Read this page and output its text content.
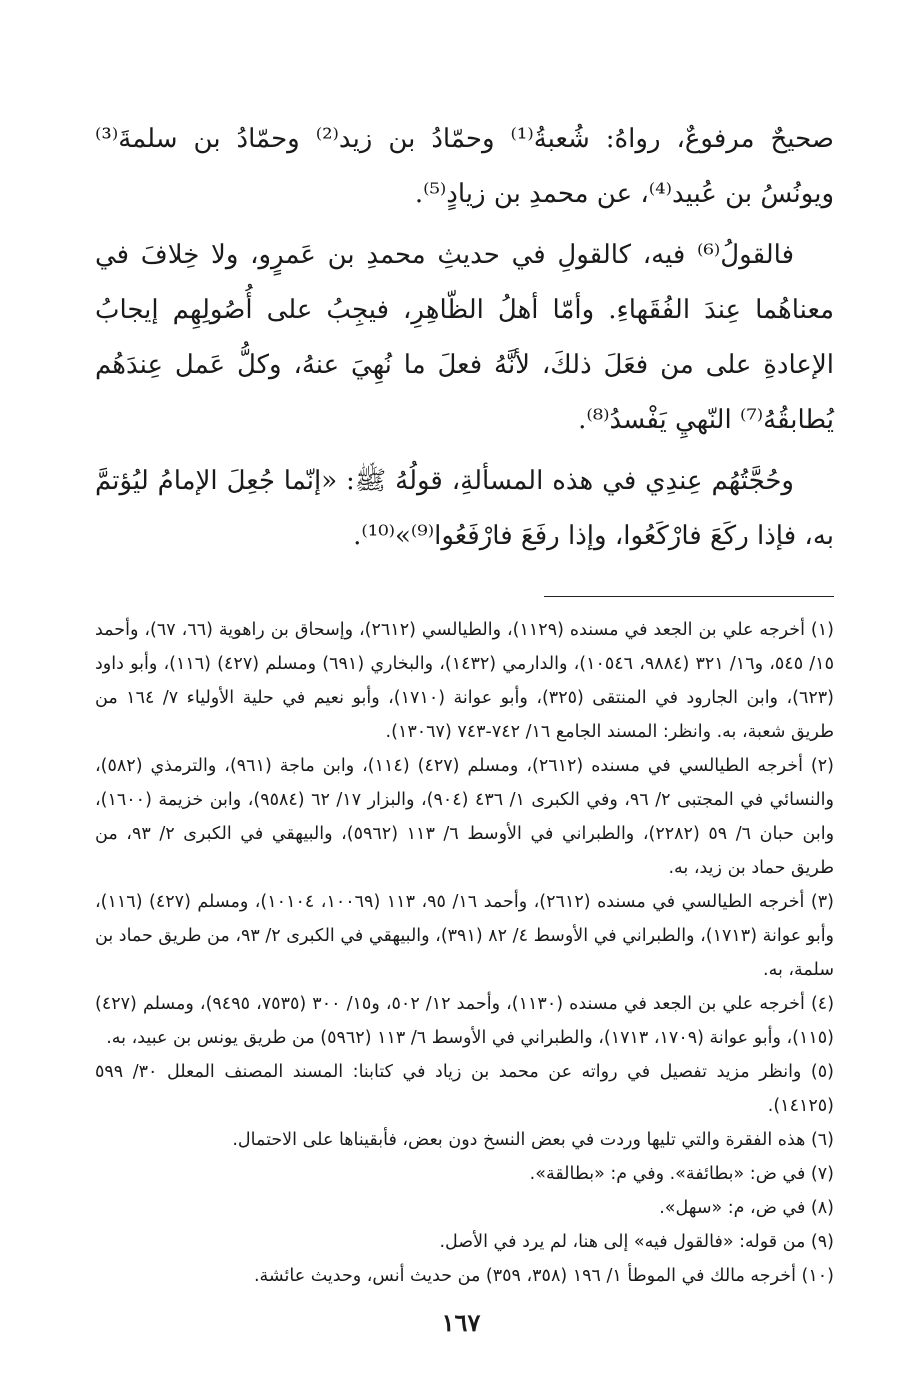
صحيحٌ مرفوعٌ، رواهُ: شُعبةُ⁽¹⁾ وحمّادُ بن زيد⁽²⁾ وحمّادُ بن سلمةَ⁽³⁾ ويونُسُ بن عُبيد⁽⁴⁾، عن محمدِ بن زيادٍ⁽⁵⁾.

فالقولُ⁽⁶⁾ فيه، كالقولِ في حديثِ محمدِ بن عَمرٍو، ولا خِلافَ في معناهُما عِندَ الفُقَهاءِ. وأمّا أهلُ الظّاهِرِ، فيجِبُ على أُصُولِهِم إيجابُ الإعادةِ على من فعَلَ ذلكَ، لأنَّهُ فعلَ ما نُهِيَ عنهُ، وكلُّ عَمل عِندَهُم يُطابقُهُ⁽⁷⁾ النّهيِ يَفْسدُ⁽⁸⁾.

وحُجَّتُهُم عِندِي في هذه المسألةِ، قولُهُ ﷺ: «إنّما جُعِلَ الإمامُ ليُؤتمَّ به، فإذا ركَعَ فارْكَعُوا، وإذا رفَعَ فارْفَعُوا⁽⁹⁾»⁽¹⁰⁾.

(١) أخرجه علي بن الجعد في مسنده (١١٢٩)، والطيالسي (٢٦١٢)، وإسحاق بن راهوية (٦٦، ٦٧)، وأحمد ١٥/ ٥٤٥، و١٦/ ٣٢١ (٩٨٨٤، ١٠٥٤٦)، والدارمي (١٤٣٢)، والبخاري (٦٩١) ومسلم (٤٢٧) (١١٦)، وأبو داود (٦٢٣)، وابن الجارود في المنتقى (٣٢٥)، وأبو عوانة (١٧١٠)، وأبو نعيم في حلية الأولياء ٧/ ١٦٤ من طريق شعبة، به. وانظر: المسند الجامع ١٦/ ٧٤٢-٧٤٣ (١٣٠٦٧).

(٢) أخرجه الطيالسي في مسنده (٢٦١٢)، ومسلم (٤٢٧) (١١٤)، وابن ماجة (٩٦١)، والترمذي (٥٨٢)، والنسائي في المجتبى ٢/ ٩٦، وفي الكبرى ١/ ٤٣٦ (٩٠٤)، والبزار ١٧/ ٦٢ (٩٥٨٤)، وابن خزيمة (١٦٠٠)، وابن حبان ٦/ ٥٩ (٢٢٨٢)، والطبراني في الأوسط ٦/ ١١٣ (٥٩٦٢)، والبيهقي في الكبرى ٢/ ٩٣، من طريق حماد بن زيد، به.

(٣) أخرجه الطيالسي في مسنده (٢٦١٢)، وأحمد ١٦/ ٩٥، ١١٣ (١٠٠٦٩، ١٠١٠٤)، ومسلم (٤٢٧) (١١٦)، وأبو عوانة (١٧١٣)، والطبراني في الأوسط ٤/ ٨٢ (٣٩١)، والبيهقي في الكبرى ٢/ ٩٣، من طريق حماد بن سلمة، به.

(٤) أخرجه علي بن الجعد في مسنده (١١٣٠)، وأحمد ١٢/ ٥٠٢، و١٥/ ٣٠٠ (٧٥٣٥، ٩٤٩٥)، ومسلم (٤٢٧) (١١٥)، وأبو عوانة (١٧٠٩، ١٧١٣)، والطبراني في الأوسط ٦/ ١١٣ (٥٩٦٢) من طريق يونس بن عبيد، به.

(٥) وانظر مزيد تفصيل في رواته عن محمد بن زياد في كتابنا: المسند المصنف المعلل ٣٠/ ٥٩٩ (١٤١٢٥).

(٦) هذه الفقرة والتي تليها وردت في بعض النسخ دون بعض، فأبقيناها على الاحتمال.

(٧) في ض: «بطائفة». وفي م: «بطالقة».

(٨) في ض، م: «سهل».

(٩) من قوله: «فالقول فيه» إلى هنا، لم يرد في الأصل.

(١٠) أخرجه مالك في الموطأ ١/ ١٩٦ (٣٥٨، ٣٥٩) من حديث أنس، وحديث عائشة.

١٦٧
